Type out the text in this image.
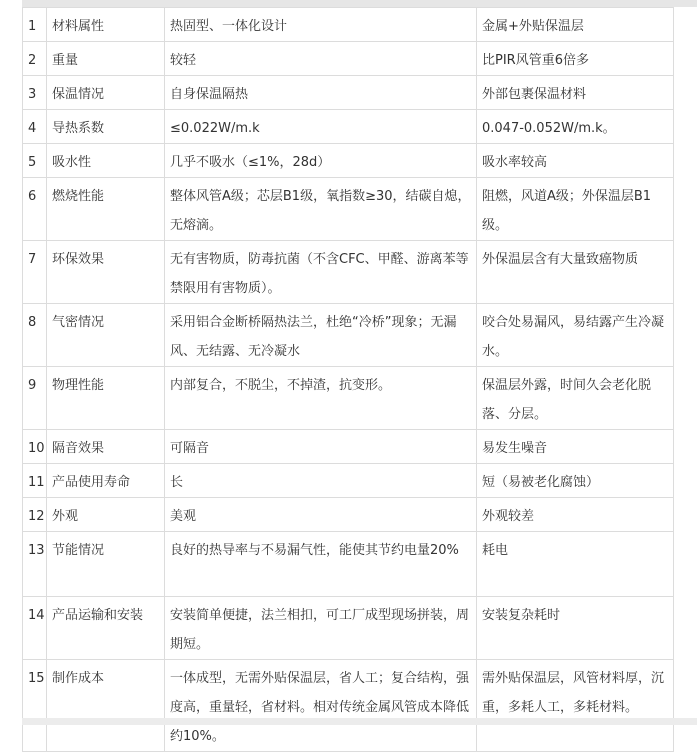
1	材料属性	热固型、一体化设计	金属+外贴保温层
2	重量	较轻	比PIR风管重6倍多
3	保温情况	自身保温隔热	外部包裹保温材料
4	导热系数	≤0.022W/m.k	0.047-0.052W/m.k。
5	吸水性	几乎不吸水（≤1%，28d）	吸水率较高
6	燃烧性能	整体风管A级；芯层B1级，氧指数≥30，结碳自熄，无熔滴。	阻燃，风道A级；外保温层B1级。
7	环保效果	无有害物质，防毒抗菌（不含CFC、甲醛、游离苯等禁限用有害物质）。	外保温层含有大量致癌物质
8	气密情况	采用铝合金断桥隔热法兰，杜绝“冷桥”现象；无漏风、无结露、无冷凝水	咬合处易漏风，易结露产生冷凝水。
9	物理性能	内部复合，不脱尘，不掉渣，抗变形。	保温层外露，时间久会老化脱落、分层。
10	隔音效果	可隔音	易发生噪音
11	产品使用寿命	长	短（易被老化腐蚀）
12	外观	美观	外观较差
13	节能情况	良好的热导率与不易漏气性，能使其节约电量20%	耗电
14	产品运输和安装	安装简单便捷，法兰相扣，可工厂成型现场拼装，周期短。	安装复杂耗时
15	制作成本	一体成型，无需外贴保温层，省人工；复合结构，强度高，重量轻，省材料。相对传统金属风管成本降低约10%。	需外贴保温层，风管材料厚，沉重，多耗人工，多耗材料。
